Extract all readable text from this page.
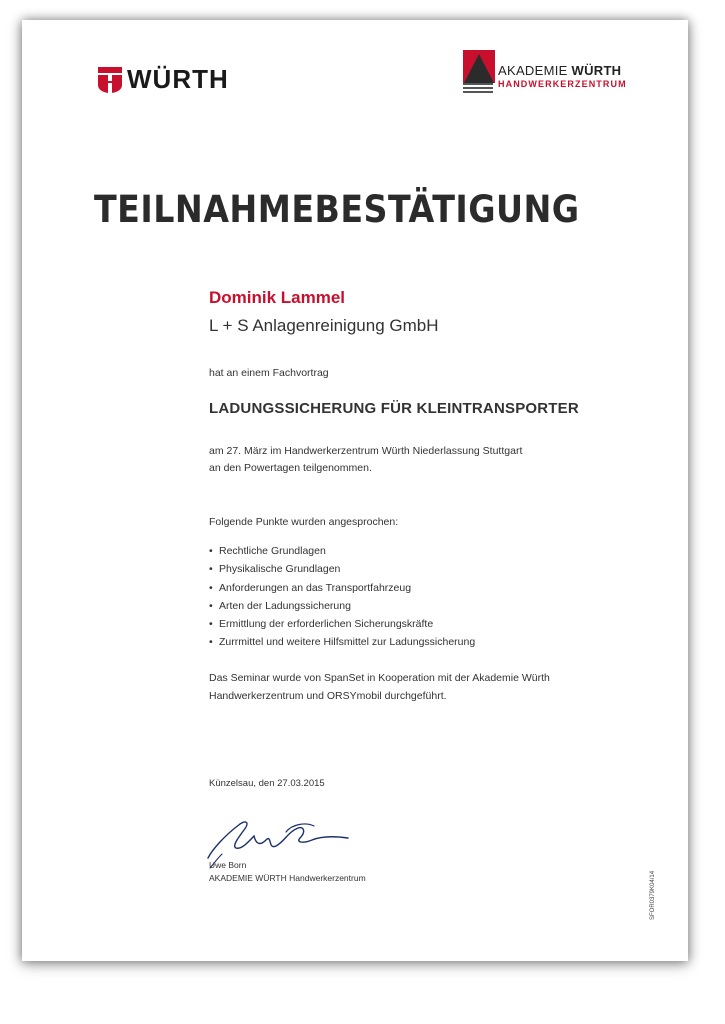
WÜRTH	AKADEMIE WÜRTH
HANDWERKERZENTRUM
TEILNAHMEBESTÄTIGUNG
Dominik Lammel
L + S Anlagenreinigung GmbH
hat an einem Fachvortrag
LADUNGSSICHERUNG FÜR KLEINTRANSPORTER
am 27. März im Handwerkerzentrum Würth Niederlassung Stuttgart
an den Powertagen teilgenommen.
Folgende Punkte wurden angesprochen:
• Rechtliche Grundlagen
• Physikalische Grundlagen
• Anforderungen an das Transportfahrzeug
• Arten der Ladungssicherung
• Ermittlung der erforderlichen Sicherungskräfte
• Zurrmittel und weitere Hilfsmittel zur Ladungssicherung
Das Seminar wurde von SpanSet in Kooperation mit der Akademie Würth
Handwerkerzentrum und ORSYmobil durchgeführt.
Künzelsau, den 27.03.2015
Uwe Born
AKADEMIE WÜRTH Handwerkerzentrum	SFOR0379K04/14
